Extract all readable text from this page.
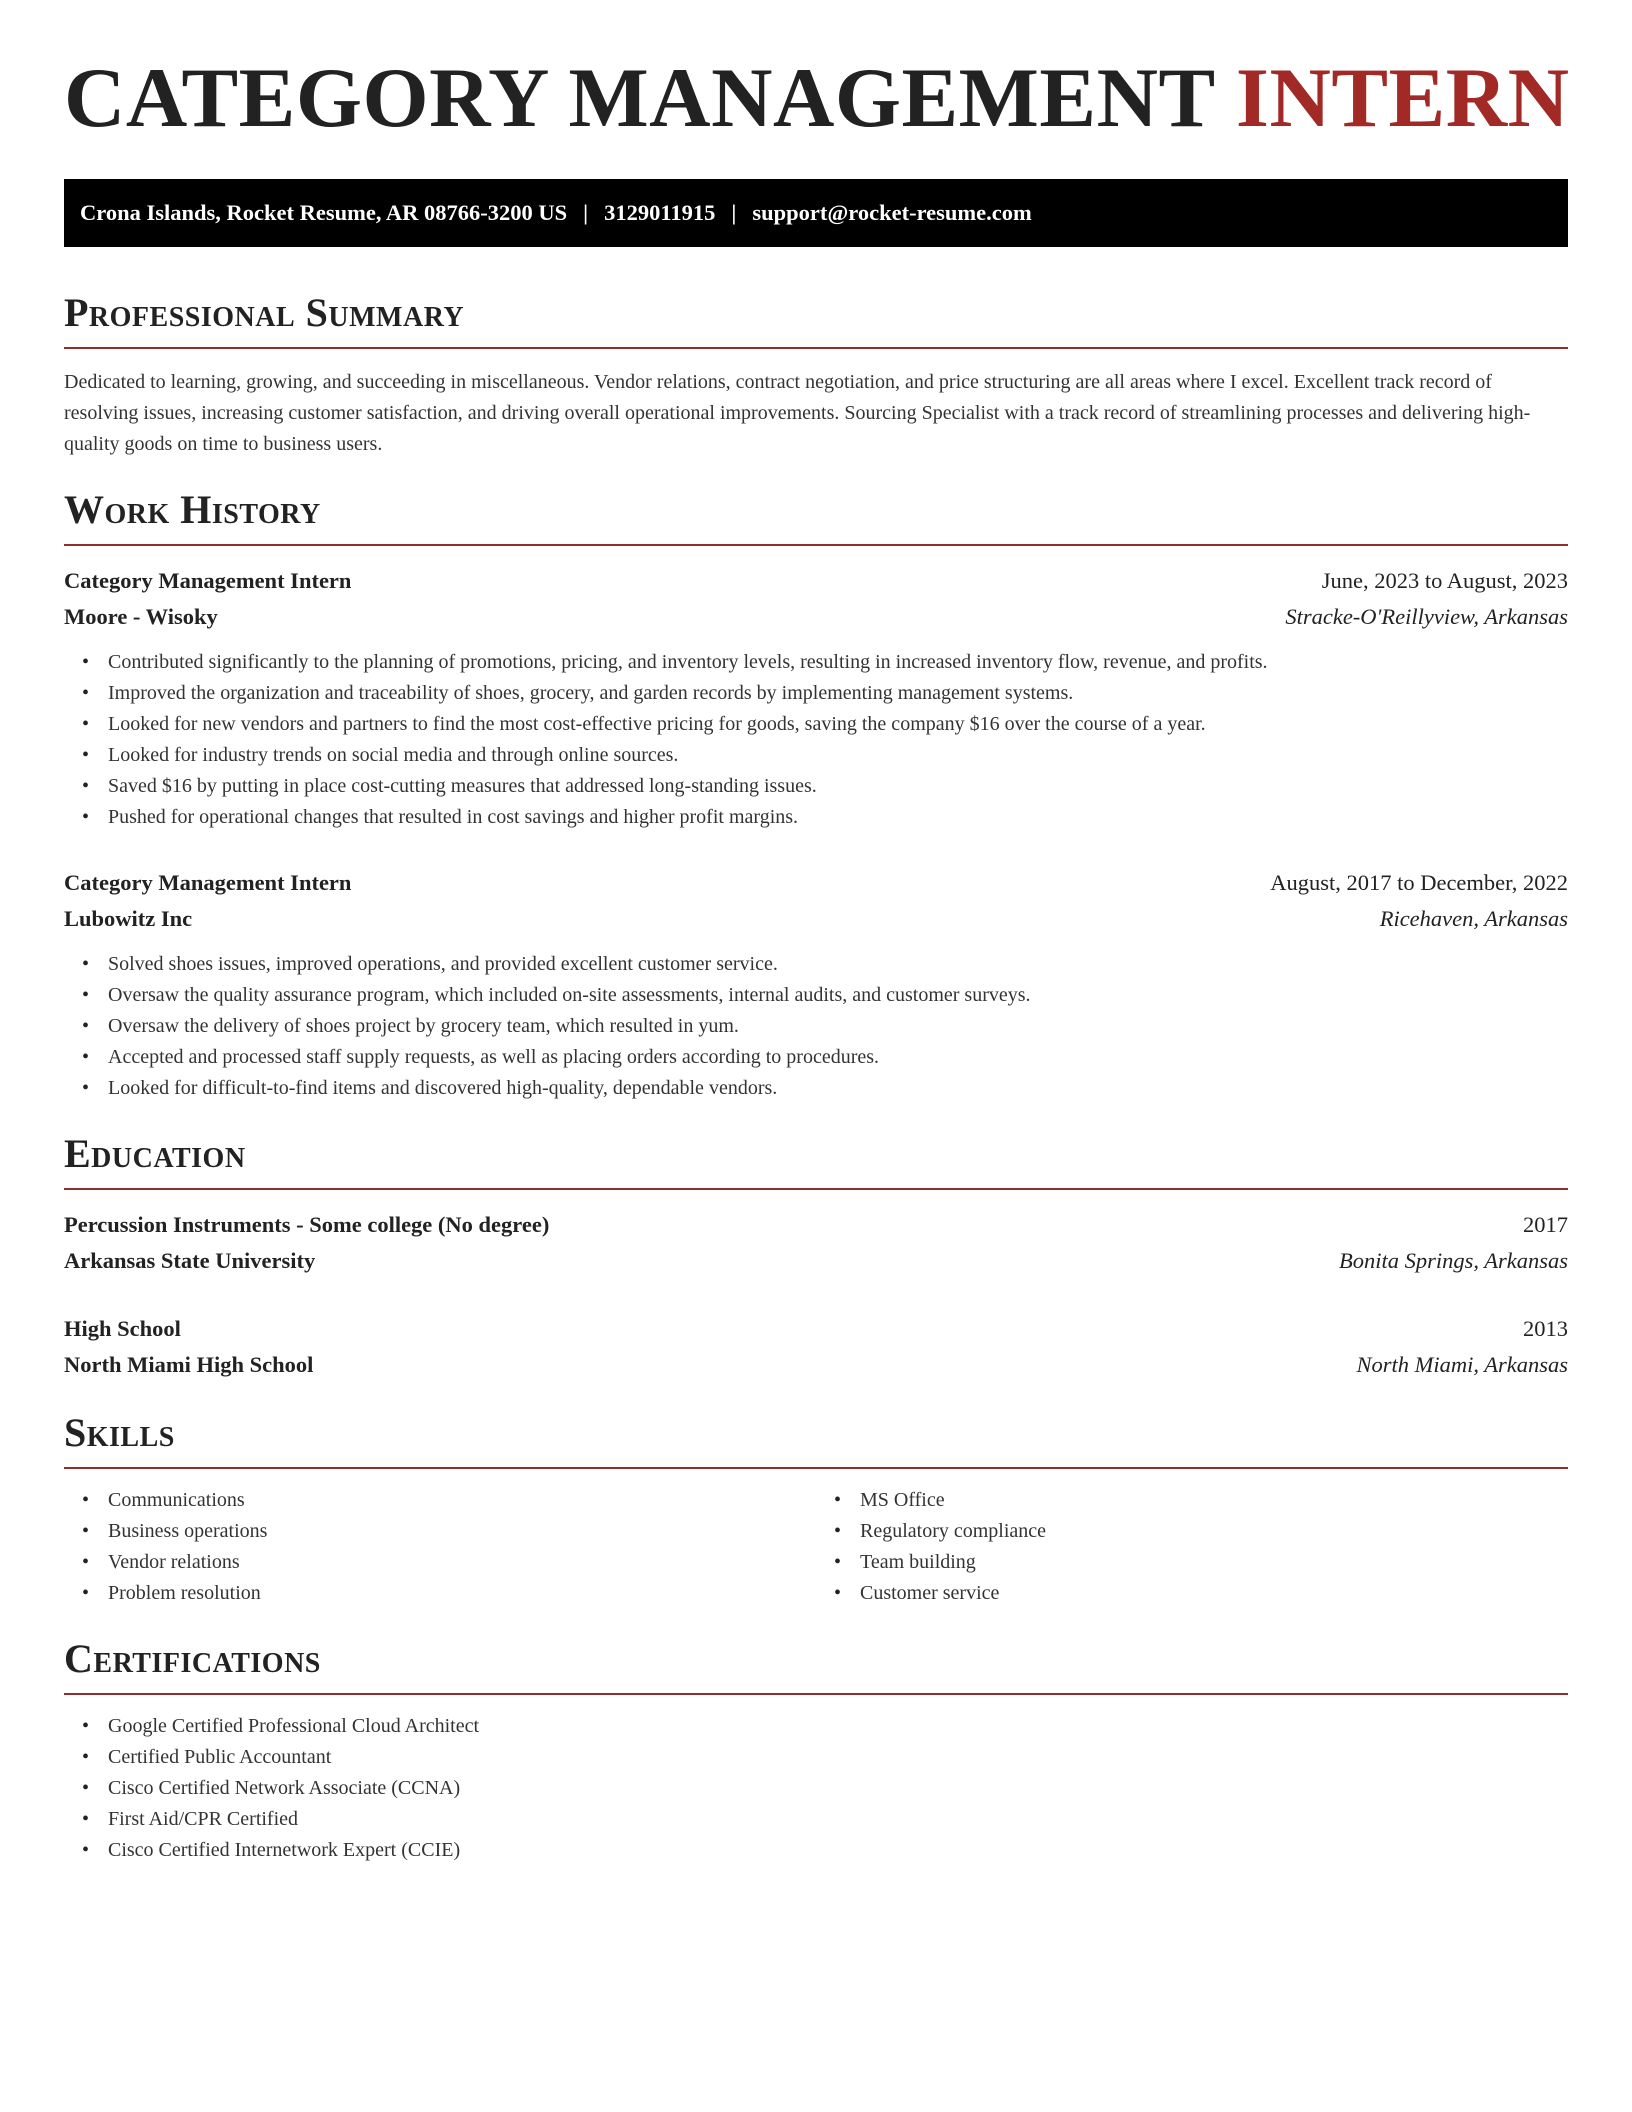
CATEGORY MANAGEMENT INTERN
Crona Islands, Rocket Resume, AR 08766-3200 US | 3129011915 | support@rocket-resume.com
Professional Summary

Dedicated to learning, growing, and succeeding in miscellaneous. Vendor relations, contract negotiation, and price structuring are all areas where I excel. Excellent track record of resolving issues, increasing customer satisfaction, and driving overall operational improvements. Sourcing Specialist with a track record of streamlining processes and delivering high-quality goods on time to business users.

Work History
Category Management Intern	June, 2023 to August, 2023
Moore - Wisoky	Stracke-O'Reillyview, Arkansas
• Contributed significantly to the planning of promotions, pricing, and inventory levels, resulting in increased inventory flow, revenue, and profits.
• Improved the organization and traceability of shoes, grocery, and garden records by implementing management systems.
• Looked for new vendors and partners to find the most cost-effective pricing for goods, saving the company $16 over the course of a year.
• Looked for industry trends on social media and through online sources.
• Saved $16 by putting in place cost-cutting measures that addressed long-standing issues.
• Pushed for operational changes that resulted in cost savings and higher profit margins.
Category Management Intern	August, 2017 to December, 2022
Lubowitz Inc	Ricehaven, Arkansas
• Solved shoes issues, improved operations, and provided excellent customer service.
• Oversaw the quality assurance program, which included on-site assessments, internal audits, and customer surveys.
• Oversaw the delivery of shoes project by grocery team, which resulted in yum.
• Accepted and processed staff supply requests, as well as placing orders according to procedures.
• Looked for difficult-to-find items and discovered high-quality, dependable vendors.
Education
Percussion Instruments - Some college (No degree)	2017
Arkansas State University	Bonita Springs, Arkansas
High School	2013
North Miami High School	North Miami, Arkansas
Skills
• Communications
• Business operations
• Vendor relations
• Problem resolution
• MS Office
• Regulatory compliance
• Team building
• Customer service
Certifications
• Google Certified Professional Cloud Architect
• Certified Public Accountant
• Cisco Certified Network Associate (CCNA)
• First Aid/CPR Certified
• Cisco Certified Internetwork Expert (CCIE)
